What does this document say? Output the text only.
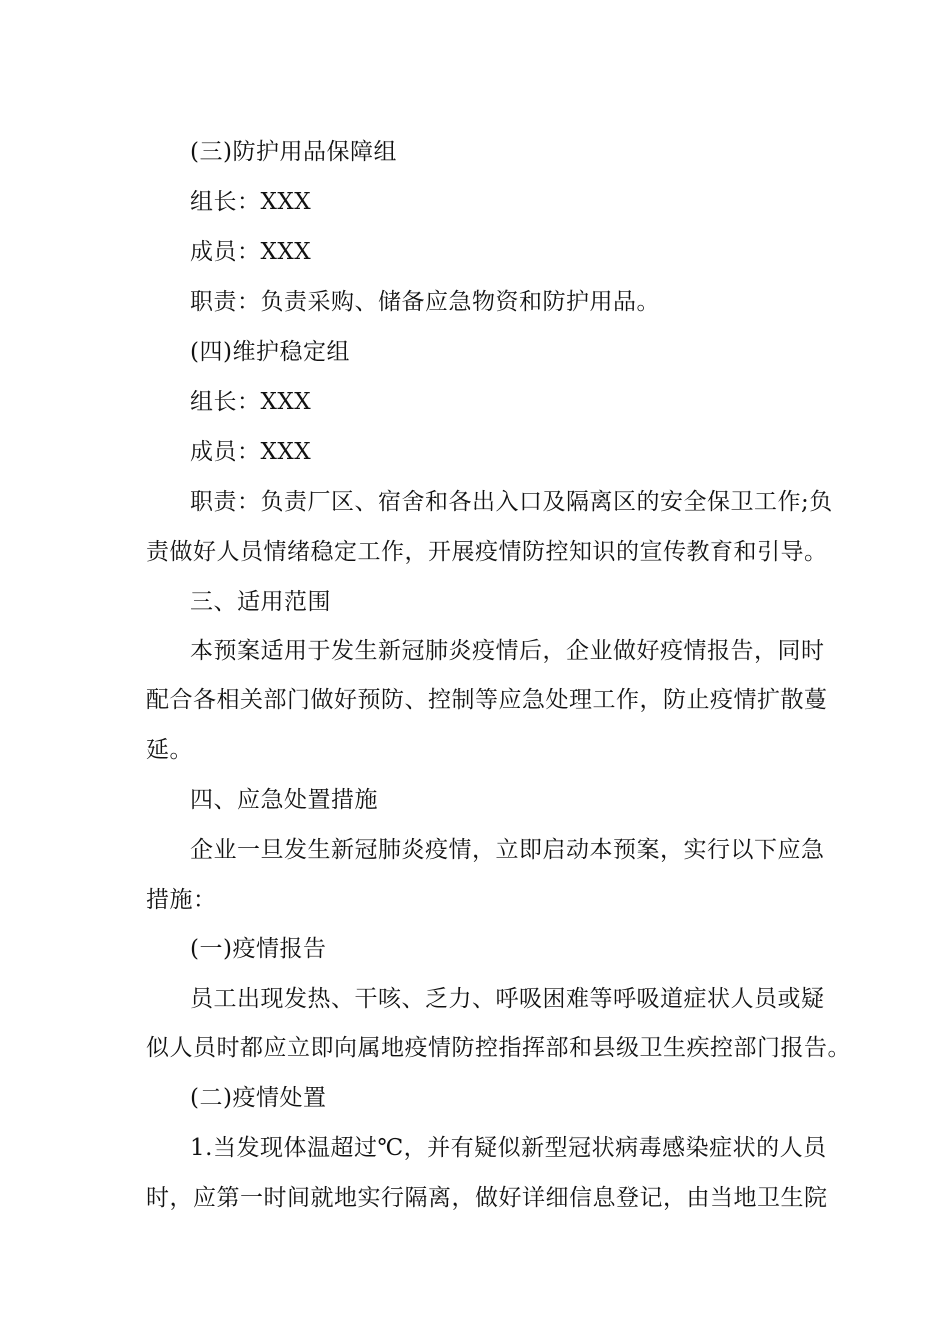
(三)防护用品保障组
组长：XXX
成员：XXX
职责：负责采购、储备应急物资和防护用品。
(四)维护稳定组
组长：XXX
成员：XXX
职责：负责厂区、宿舍和各出入口及隔离区的安全保卫工作;负
责做好人员情绪稳定工作，开展疫情防控知识的宣传教育和引导。
三、适用范围
本预案适用于发生新冠肺炎疫情后，企业做好疫情报告，同时
配合各相关部门做好预防、控制等应急处理工作，防止疫情扩散蔓
延。
四、应急处置措施
企业一旦发生新冠肺炎疫情，立即启动本预案，实行以下应急
措施：
(一)疫情报告
员工出现发热、干咳、乏力、呼吸困难等呼吸道症状人员或疑
似人员时都应立即向属地疫情防控指挥部和县级卫生疾控部门报告。
(二)疫情处置
1.当发现体温超过℃，并有疑似新型冠状病毒感染症状的人员
时，应第一时间就地实行隔离，做好详细信息登记，由当地卫生院
